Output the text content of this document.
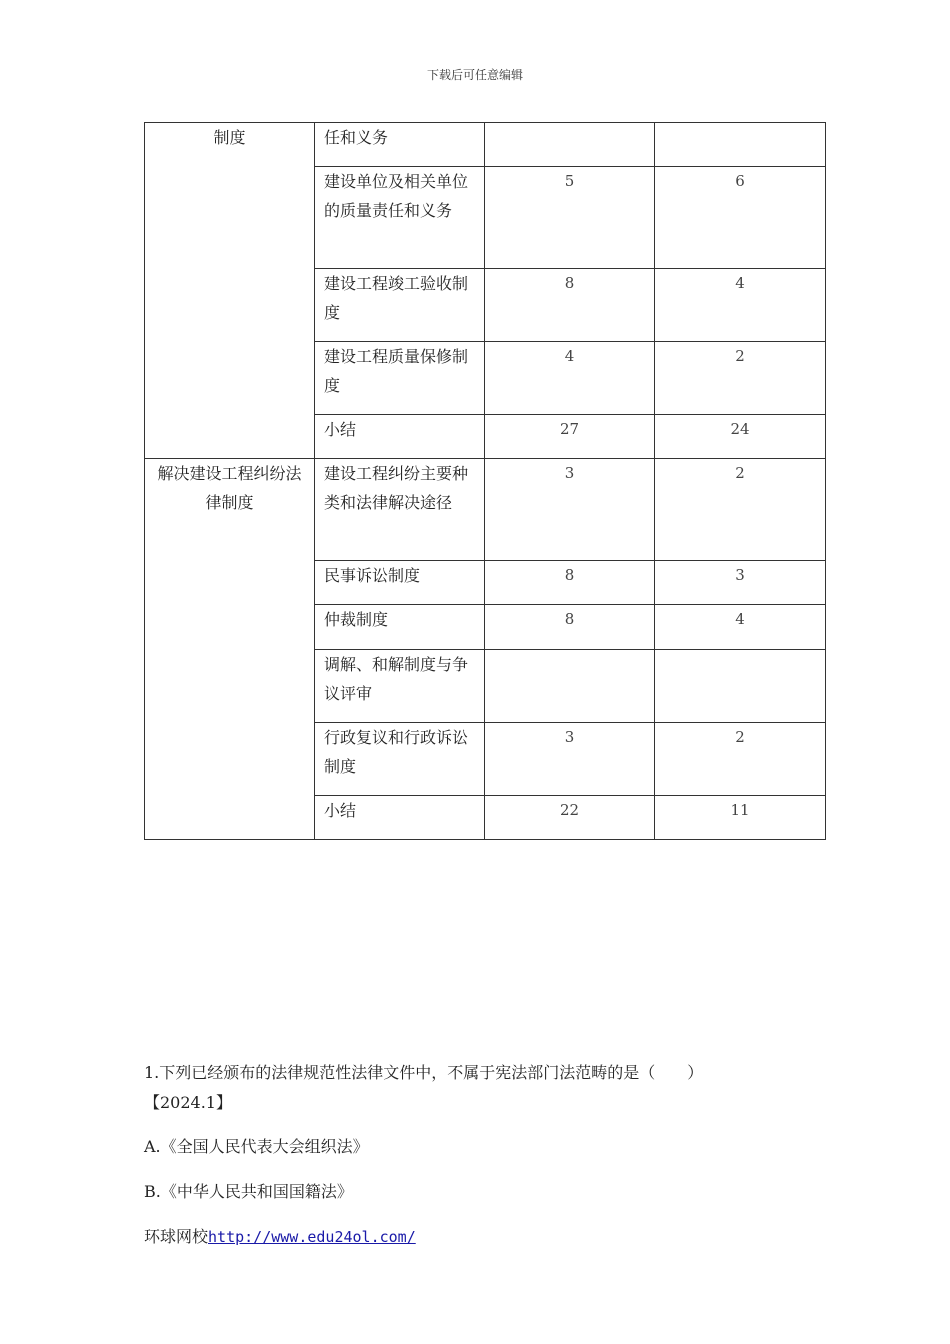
下载后可任意编辑
制度	任和义务		
	建设单位及相关单位的质量责任和义务	5	6
	建设工程竣工验收制度	8	4
	建设工程质量保修制度	4	2
	小结	27	24
解决建设工程纠纷法律制度	建设工程纠纷主要种类和法律解决途径	3	2
	民事诉讼制度	8	3
	仲裁制度	8	4
	调解、和解制度与争议评审		
	行政复议和行政诉讼制度	3	2
	小结	22	11
1.下列已经颁布的法律规范性法律文件中，不属于宪法部门法范畴的是（　　）
【2024.1】
A.《全国人民代表大会组织法》
B.《中华人民共和国国籍法》
环球网校http://www.edu24ol.com/
